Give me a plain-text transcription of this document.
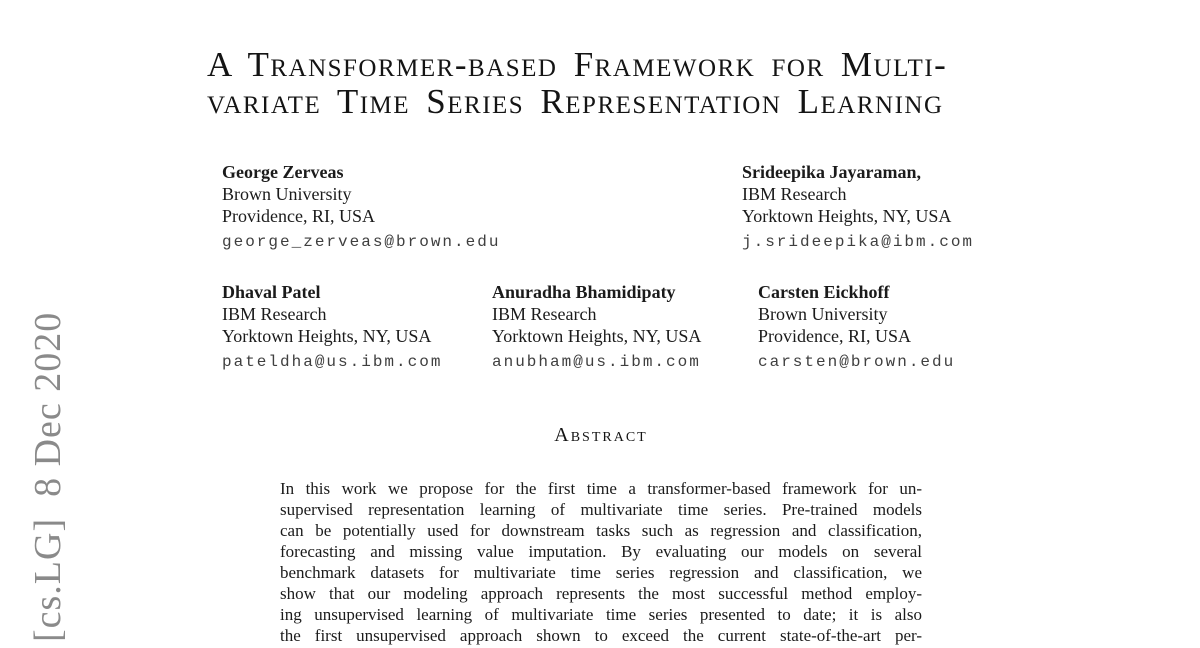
[cs.LG]  8 Dec 2020
A Transformer-based Framework for Multi-
variate Time Series Representation Learning
George Zerveas
Brown University
Providence, RI, USA
george_zerveas@brown.edu
Srideepika Jayaraman,
IBM Research
Yorktown Heights, NY, USA
j.srideepika@ibm.com
Dhaval Patel
IBM Research
Yorktown Heights, NY, USA
pateldha@us.ibm.com
Anuradha Bhamidipaty
IBM Research
Yorktown Heights, NY, USA
anubham@us.ibm.com
Carsten Eickhoff
Brown University
Providence, RI, USA
carsten@brown.edu
Abstract
In this work we propose for the first time a transformer-based framework for un-
supervised representation learning of multivariate time series. Pre-trained models
can be potentially used for downstream tasks such as regression and classification,
forecasting and missing value imputation. By evaluating our models on several
benchmark datasets for multivariate time series regression and classification, we
show that our modeling approach represents the most successful method employ-
ing unsupervised learning of multivariate time series presented to date; it is also
the first unsupervised approach shown to exceed the current state-of-the-art per-
